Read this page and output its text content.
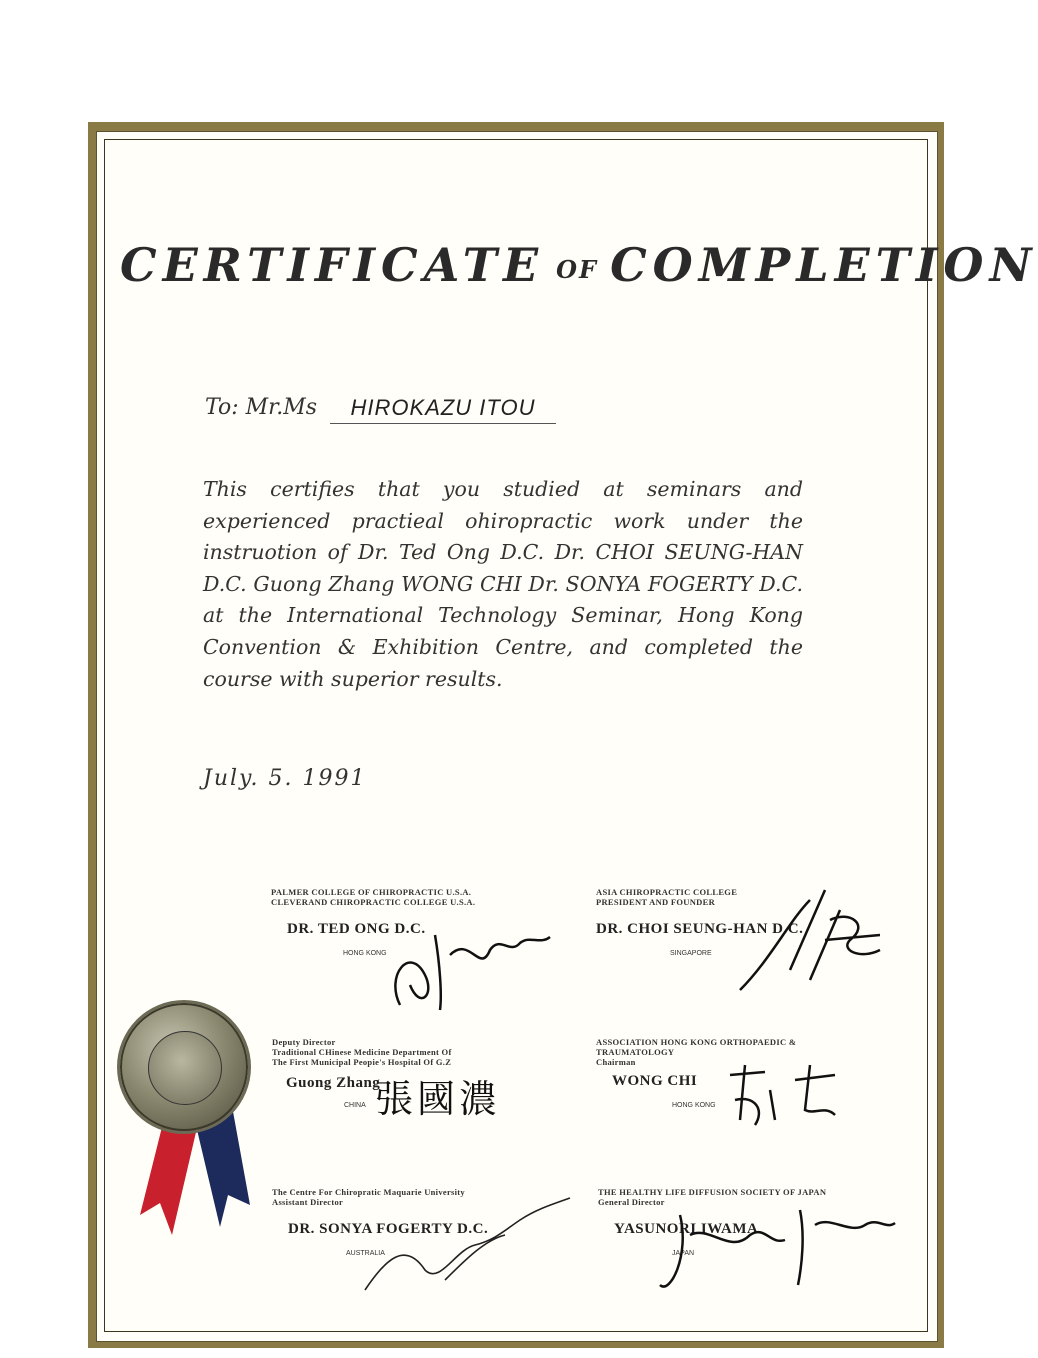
CERTIFICATE OF COMPLETION
To: Mr.Ms	HIROKAZU ITOU
This certifies that you studied at seminars and experienced practieal ohiropractic work under the instruotion of Dr. Ted Ong D.C. Dr. CHOI SEUNG-HAN D.C. Guong Zhang WONG CHI Dr. SONYA FOGERTY D.C. at the International Technology Seminar, Hong Kong Convention & Exhibition Centre, and completed the course with superior results.
July. 5. 1991
PALMER COLLEGE OF CHIROPRACTIC U.S.A.
CLEVERAND CHIROPRACTIC COLLEGE U.S.A.
DR. TED ONG D.C.
HONG KONG
ASIA CHIROPRACTIC COLLEGE
PRESIDENT AND FOUNDER
DR. CHOI SEUNG-HAN D.C.
SINGAPORE
Deputy Director
Traditional CHinese Medicine Department Of
The First Municipal Peopie's Hospital Of G.Z
Guong Zhang
CHINA 張國濃
ASSOCIATION HONG KONG ORTHOPAEDIC &
TRAUMATOLOGY
Chairman
WONG CHI
HONG KONG
The Centre For Chiropratic Maquarie University
Assistant Director
DR. SONYA FOGERTY D.C.
AUSTRALIA
THE HEALTHY LIFE DIFFUSION SOCIETY OF JAPAN
General Director
YASUNORI IWAMA
JAPAN
